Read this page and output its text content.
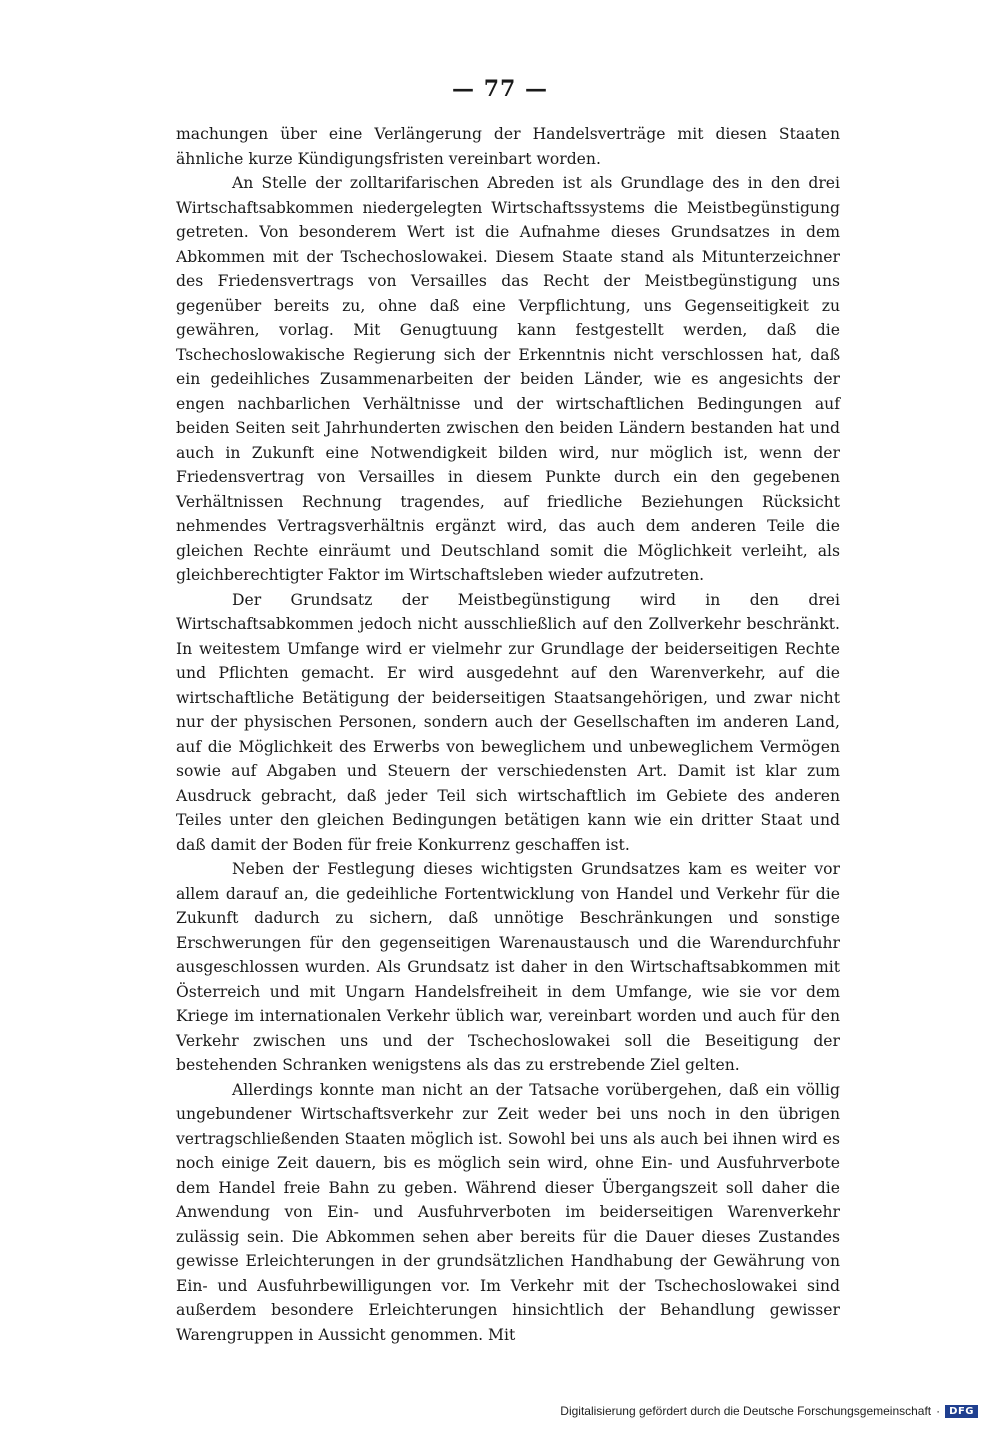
— 77 —

machungen über eine Verlängerung der Handelsverträge mit diesen Staaten ähnliche kurze Kündigungsfristen vereinbart worden.

An Stelle der zolltarifarischen Abreden ist als Grundlage des in den drei Wirtschaftsabkommen niedergelegten Wirtschaftssystems die Meistbegünstigung getreten. Von besonderem Wert ist die Aufnahme dieses Grundsatzes in dem Abkommen mit der Tschechoslowakei. Diesem Staate stand als Mitunterzeichner des Friedensvertrags von Versailles das Recht der Meistbegünstigung uns gegenüber bereits zu, ohne daß eine Verpflichtung, uns Gegenseitigkeit zu gewähren, vorlag. Mit Genugtuung kann festgestellt werden, daß die Tschechoslowakische Regierung sich der Erkenntnis nicht verschlossen hat, daß ein gedeihliches Zusammenarbeiten der beiden Länder, wie es angesichts der engen nachbarlichen Verhältnisse und der wirtschaftlichen Bedingungen auf beiden Seiten seit Jahrhunderten zwischen den beiden Ländern bestanden hat und auch in Zukunft eine Notwendigkeit bilden wird, nur möglich ist, wenn der Friedensvertrag von Versailles in diesem Punkte durch ein den gegebenen Verhältnissen Rechnung tragendes, auf friedliche Beziehungen Rücksicht nehmendes Vertragsverhältnis ergänzt wird, das auch dem anderen Teile die gleichen Rechte einräumt und Deutschland somit die Möglichkeit verleiht, als gleichberechtigter Faktor im Wirtschaftsleben wieder aufzutreten.

Der Grundsatz der Meistbegünstigung wird in den drei Wirtschaftsabkommen jedoch nicht ausschließlich auf den Zollverkehr beschränkt. In weitestem Umfange wird er vielmehr zur Grundlage der beiderseitigen Rechte und Pflichten gemacht. Er wird ausgedehnt auf den Warenverkehr, auf die wirtschaftliche Betätigung der beiderseitigen Staatsangehörigen, und zwar nicht nur der physischen Personen, sondern auch der Gesellschaften im anderen Land, auf die Möglichkeit des Erwerbs von beweglichem und unbeweglichem Vermögen sowie auf Abgaben und Steuern der verschiedensten Art. Damit ist klar zum Ausdruck gebracht, daß jeder Teil sich wirtschaftlich im Gebiete des anderen Teiles unter den gleichen Bedingungen betätigen kann wie ein dritter Staat und daß damit der Boden für freie Konkurrenz geschaffen ist.

Neben der Festlegung dieses wichtigsten Grundsatzes kam es weiter vor allem darauf an, die gedeihliche Fortentwicklung von Handel und Verkehr für die Zukunft dadurch zu sichern, daß unnötige Beschränkungen und sonstige Erschwerungen für den gegenseitigen Warenaustausch und die Warendurchfuhr ausgeschlossen wurden. Als Grundsatz ist daher in den Wirtschaftsabkommen mit Österreich und mit Ungarn Handelsfreiheit in dem Umfange, wie sie vor dem Kriege im internationalen Verkehr üblich war, vereinbart worden und auch für den Verkehr zwischen uns und der Tschechoslowakei soll die Beseitigung der bestehenden Schranken wenigstens als das zu erstrebende Ziel gelten.

Allerdings konnte man nicht an der Tatsache vorübergehen, daß ein völlig ungebundener Wirtschaftsverkehr zur Zeit weder bei uns noch in den übrigen vertragschließenden Staaten möglich ist. Sowohl bei uns als auch bei ihnen wird es noch einige Zeit dauern, bis es möglich sein wird, ohne Ein- und Ausfuhrverbote dem Handel freie Bahn zu geben. Während dieser Übergangszeit soll daher die Anwendung von Ein- und Ausfuhrverboten im beiderseitigen Warenverkehr zulässig sein. Die Abkommen sehen aber bereits für die Dauer dieses Zustandes gewisse Erleichterungen in der grundsätzlichen Handhabung der Gewährung von Ein- und Ausfuhrbewilligungen vor. Im Verkehr mit der Tschechoslowakei sind außerdem besondere Erleichterungen hinsichtlich der Behandlung gewisser Warengruppen in Aussicht genommen. Mit

Digitalisierung gefördert durch die Deutsche Forschungsgemeinschaft · DFG
